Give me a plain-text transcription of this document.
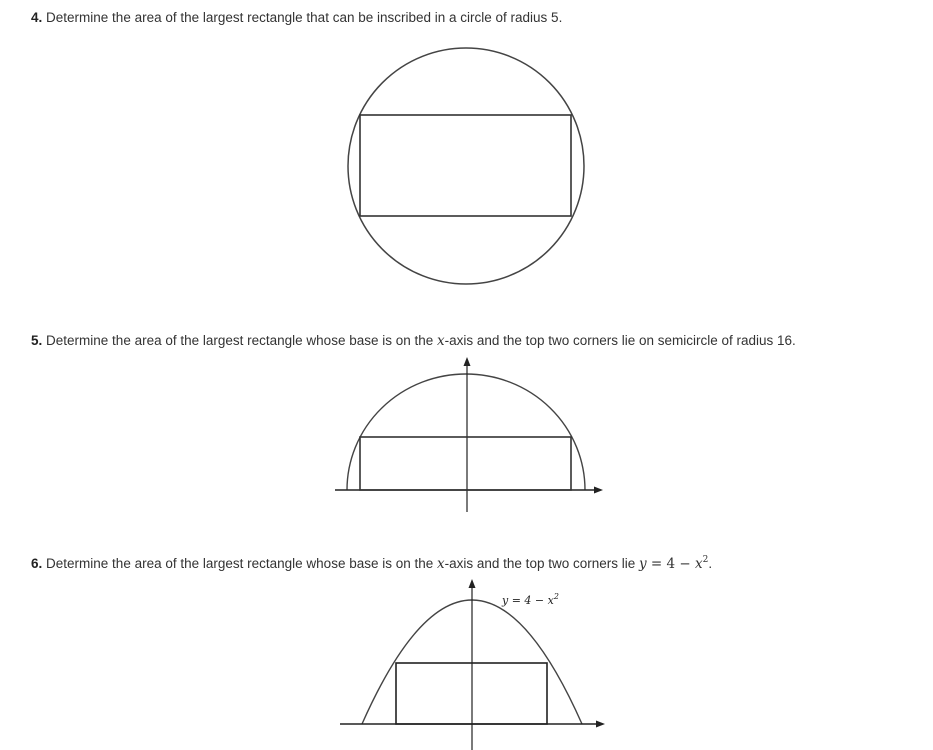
4. Determine the area of the largest rectangle that can be inscribed in a circle of radius 5.

5. Determine the area of the largest rectangle whose base is on the x-axis and the top two corners lie on semicircle of radius 16.

6. Determine the area of the largest rectangle whose base is on the x-axis and the top two corners lie $y = 4 - x^2$.

$y = 4 - x^2$
